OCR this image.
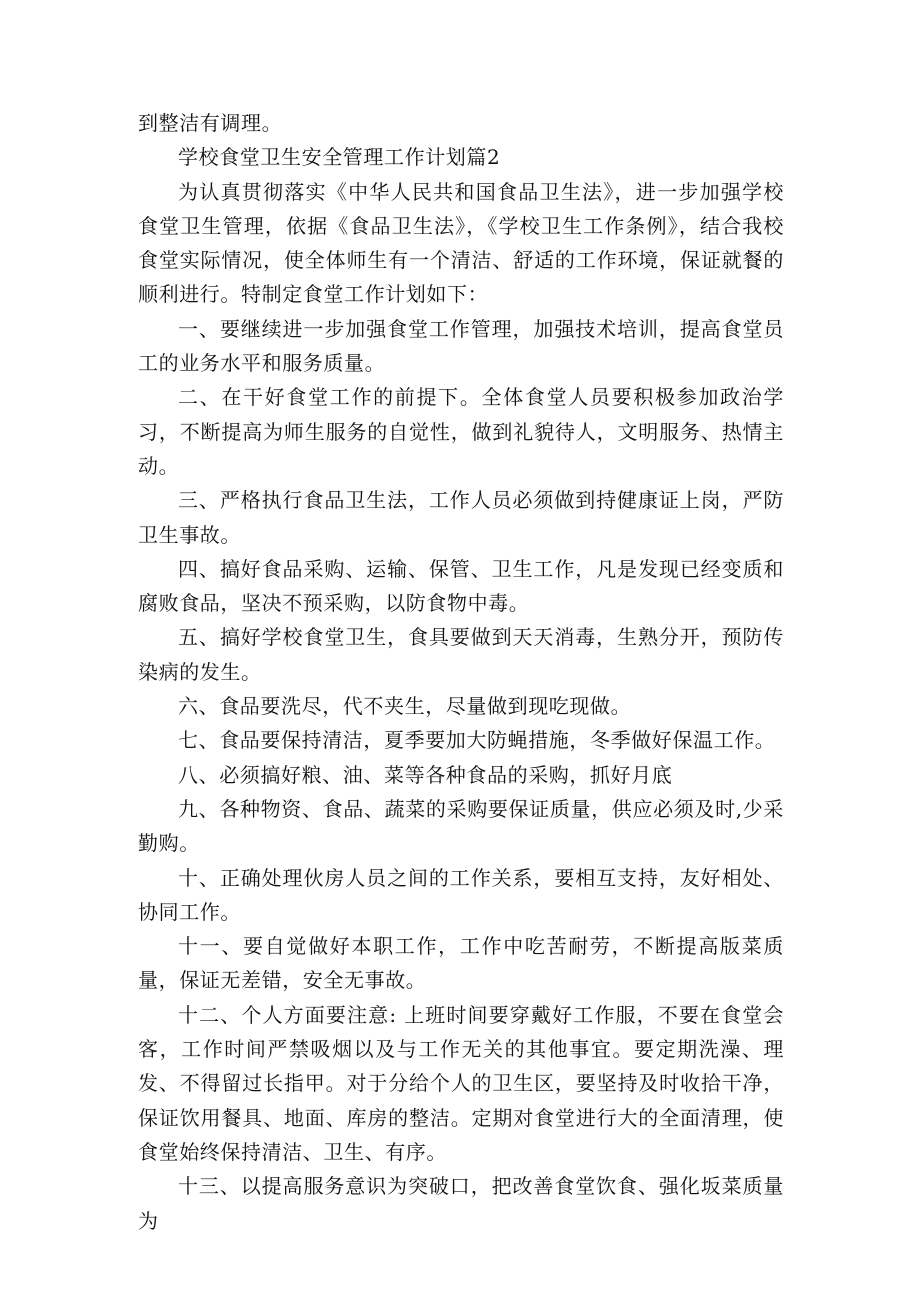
到整洁有调理。

学校食堂卫生安全管理工作计划篇2

为认真贯彻落实《中华人民共和国食品卫生法》，进一步加强学校食堂卫生管理，依据《食品卫生法》，《学校卫生工作条例》，结合我校食堂实际情况，使全体师生有一个清洁、舒适的工作环境，保证就餐的顺利进行。特制定食堂工作计划如下：

一、要继续进一步加强食堂工作管理，加强技术培训，提高食堂员工的业务水平和服务质量。

二、在干好食堂工作的前提下。全体食堂人员要积极参加政治学习，不断提高为师生服务的自觉性，做到礼貌待人，文明服务、热情主动。

三、严格执行食品卫生法，工作人员必须做到持健康证上岗，严防卫生事故。

四、搞好食品采购、运输、保管、卫生工作，凡是发现已经变质和腐败食品，坚决不预采购，以防食物中毒。

五、搞好学校食堂卫生，食具要做到天天消毒，生熟分开，预防传染病的发生。

六、食品要洗尽，代不夹生，尽量做到现吃现做。

七、食品要保持清洁，夏季要加大防蝇措施，冬季做好保温工作。

八、必须搞好粮、油、菜等各种食品的采购，抓好月底

九、各种物资、食品、蔬菜的采购要保证质量，供应必须及时,少采勤购。

十、正确处理伙房人员之间的工作关系，要相互支持，友好相处、协同工作。

十一、要自觉做好本职工作，工作中吃苦耐劳，不断提高版菜质量，保证无差错，安全无事故。

十二、个人方面要注意: 上班时间要穿戴好工作服，不要在食堂会客，工作时间严禁吸烟以及与工作无关的其他事宜。要定期洗澡、理发、不得留过长指甲。对于分给个人的卫生区，要坚持及时收拾干净，保证饮用餐具、地面、库房的整洁。定期对食堂进行大的全面清理，使食堂始终保持清洁、卫生、有序。

十三、以提高服务意识为突破口，把改善食堂饮食、强化坂菜质量为
